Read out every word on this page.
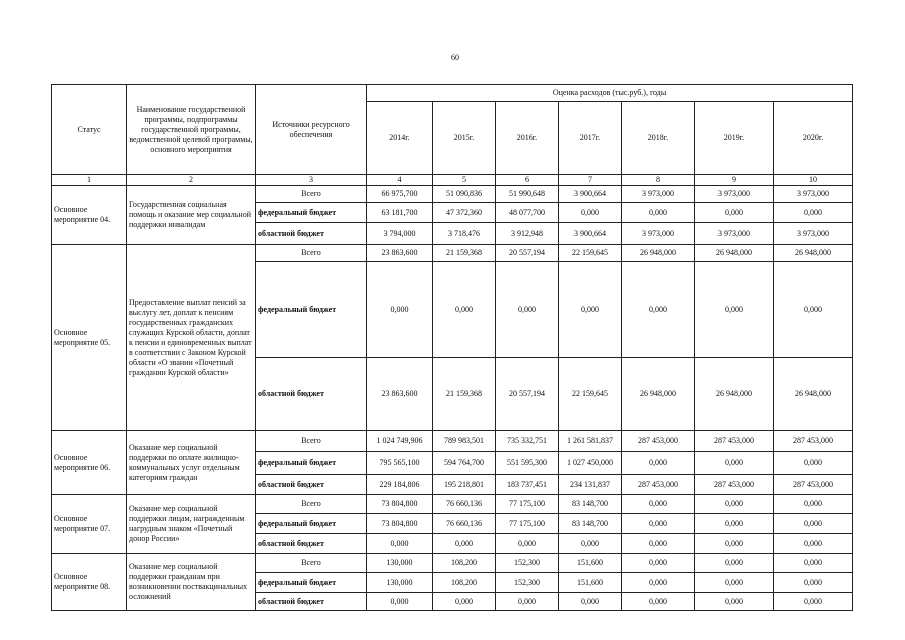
60
Статус	Наименование государственной программы, подпрограммы государственной программы, ведомственной целевой программы, основного мероприятия	Источники ресурсного обеспечения	Оценка расходов (тыс.руб.), годы						
			2014г.	2015г.	2016г.	2017г.	2018г.	2019г.	2020г.
1	2	3	4	5	6	7	8	9	10
Основное мероприятие 04.	Государственная социальная помощь и оказание мер социальной поддержки инвалидам	Всего	66 975,700	51 090,836	51 990,648	3 900,664	3 973,000	3 973,000	3 973,000
		федеральный бюджет	63 181,700	47 372,360	48 077,700	0,000	0,000	0,000	0,000
		областной бюджет	3 794,000	3 718,476	3 912,948	3 900,664	3 973,000	3 973,000	3 973,000
Основное мероприятие 05.	Предоставление выплат пенсий за выслугу лет, доплат к пенсиям государственных гражданских служащих Курской области, доплат к пенсии и единовременных выплат в соответствии с Законом Курской области «О звании «Почетный гражданин Курской области»	Всего	23 863,600	21 159,368	20 557,194	22 159,645	26 948,000	26 948,000	26 948,000
		федеральный бюджет	0,000	0,000	0,000	0,000	0,000	0,000	0,000
		областной бюджет	23 863,600	21 159,368	20 557,194	22 159,645	26 948,000	26 948,000	26 948,000
Основное мероприятие 06.	Оказание мер социальной поддержки по оплате жилищно-коммунальных услуг отдельным категориям граждан	Всего	1 024 749,906	789 983,501	735 332,751	1 261 581,837	287 453,000	287 453,000	287 453,000
		федеральный бюджет	795 565,100	594 764,700	551 595,300	1 027 450,000	0,000	0,000	0,000
		областной бюджет	229 184,806	195 218,801	183 737,451	234 131,837	287 453,000	287 453,000	287 453,000
Основное мероприятие 07.	Оказание мер социальной поддержки лицам, награжденным нагрудным знаком «Почетный донор России»	Всего	73 804,800	76 660,136	77 175,100	83 148,700	0,000	0,000	0,000
		федеральный бюджет	73 804,800	76 660,136	77 175,100	83 148,700	0,000	0,000	0,000
		областной бюджет	0,000	0,000	0,000	0,000	0,000	0,000	0,000
Основное мероприятие 08.	Оказание мер социальной поддержки гражданам при возникновении поствакцинальных осложнений	Всего	130,000	108,200	152,300	151,600	0,000	0,000	0,000
		федеральный бюджет	130,000	108,200	152,300	151,600	0,000	0,000	0,000
		областной бюджет	0,000	0,000	0,000	0,000	0,000	0,000	0,000
